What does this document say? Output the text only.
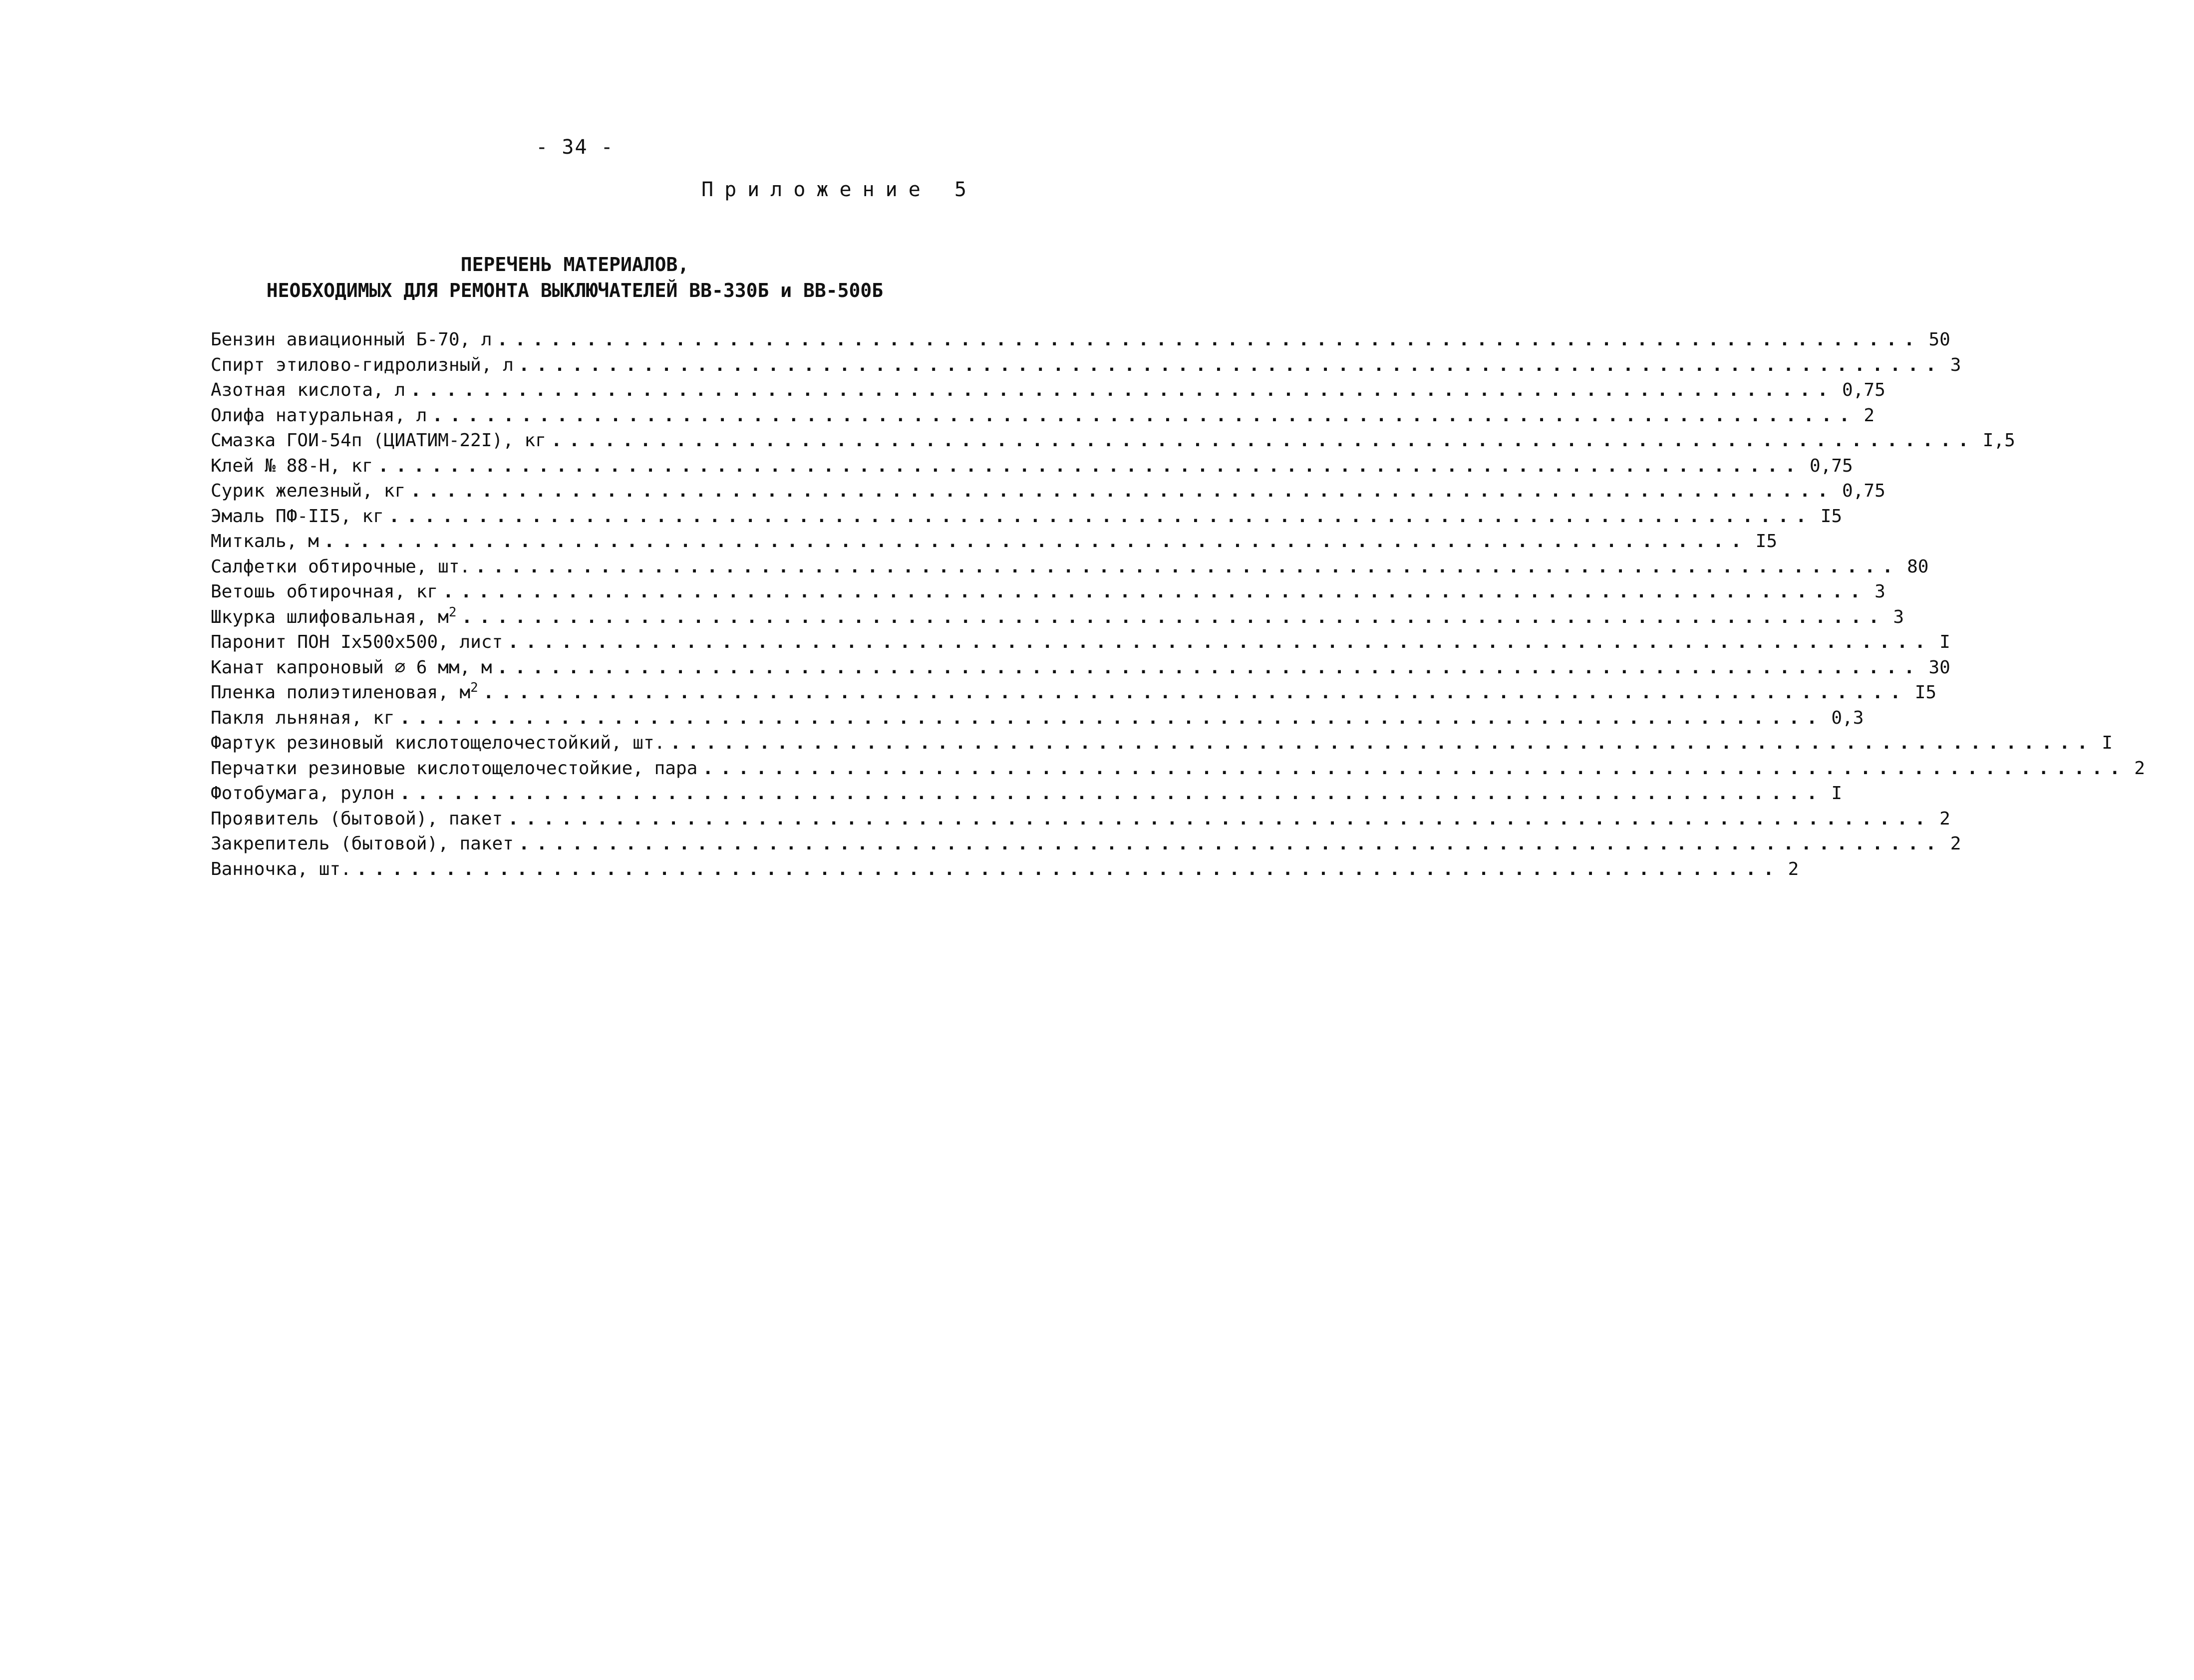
- 34 -
Приложение 5
ПЕРЕЧЕНЬ МАТЕРИАЛОВ,
НЕОБХОДИМЫХ ДЛЯ РЕМОНТА ВЫКЛЮЧАТЕЛЕЙ ВВ-330Б и ВВ-500Б
Бензин авиационный Б-70, л ................................................................................ 50
Спирт этилово-гидролизный, л ................................................................................ 3
Азотная кислота, л ................................................................................ 0,75
Олифа натуральная, л ................................................................................ 2
Смазка ГОИ-54п (ЦИАТИМ-22I), кг ................................................................................ I,5
Клей № 88-Н, кг ................................................................................ 0,75
Сурик железный, кг ................................................................................ 0,75
Эмаль ПФ-II5, кг ................................................................................ I5
Миткаль, м ................................................................................ I5
Салфетки обтирочные, шт. ................................................................................ 80
Ветошь обтирочная, кг ................................................................................ 3
Шкурка шлифовальная, $м^2$ ................................................................................ 3
Паронит ПОН Iх500х500, лист ................................................................................ I
Канат капроновый ⌀ 6 мм, м ................................................................................ 30
Пленка полиэтиленовая, $м^2$ ................................................................................ I5
Пакля льняная, кг ................................................................................ 0,3
Фартук резиновый кислотощелочестойкий, шт. ................................................................................ I
Перчатки резиновые кислотощелочестойкие, пара ................................................................................ 2
Фотобумага, рулон ................................................................................ I
Проявитель (бытовой), пакет ................................................................................ 2
Закрепитель (бытовой), пакет ................................................................................ 2
Ванночка, шт. ................................................................................ 2
